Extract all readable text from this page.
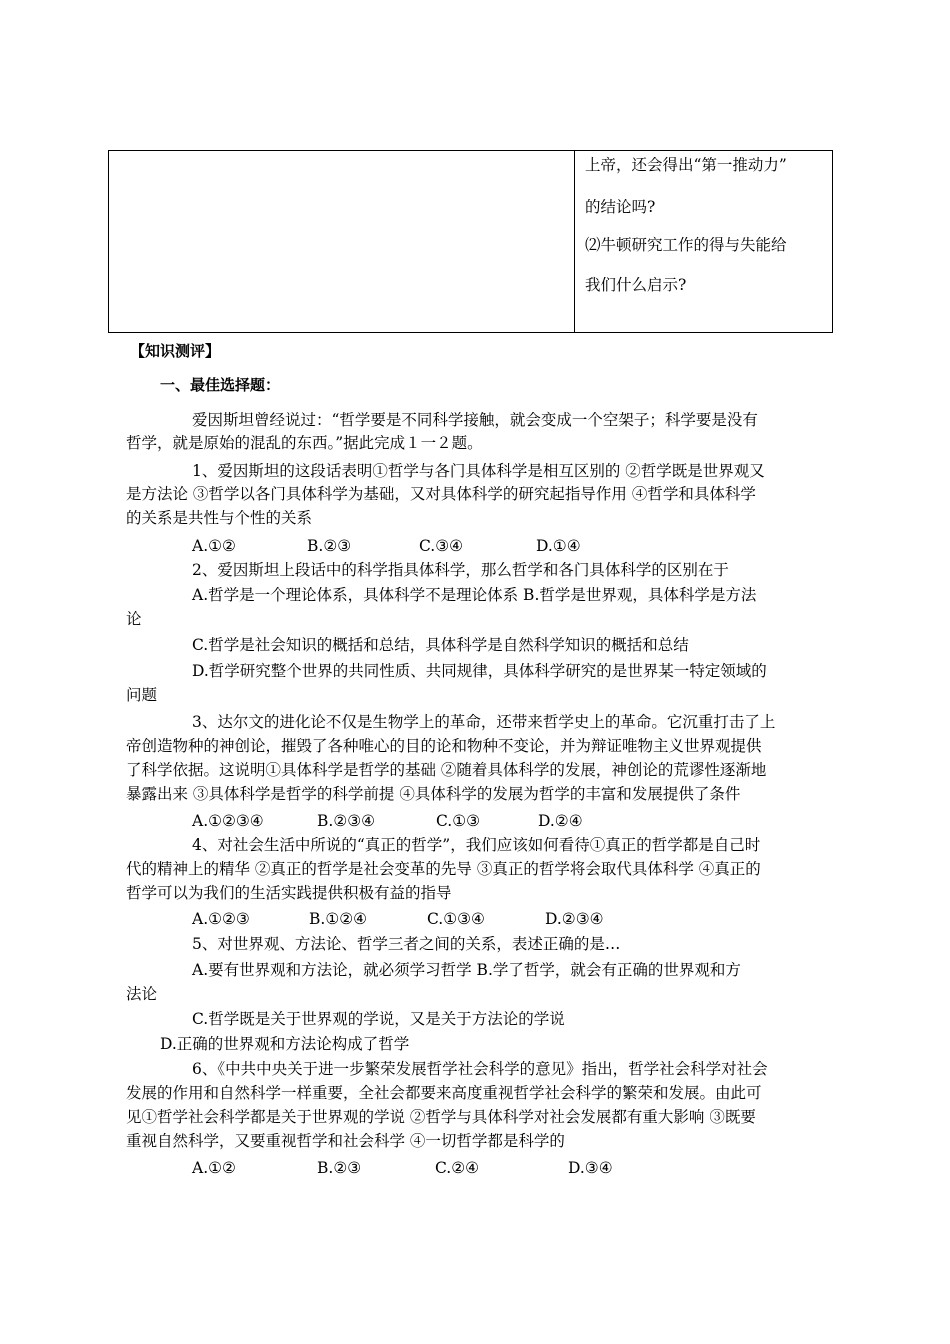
上帝，还会得出“第一推动力”

的结论吗?

⑵牛顿研究工作的得与失能给

我们什么启示?

【知识测评】
一、最佳选择题：
爱因斯坦曾经说过：“哲学要是不同科学接触，就会变成一个空架子；科学要是没有
哲学，就是原始的混乱的东西。”据此完成１一２题。
1、爱因斯坦的这段话表明①哲学与各门具体科学是相互区别的 ②哲学既是世界观又
是方法论 ③哲学以各门具体科学为基础，又对具体科学的研究起指导作用 ④哲学和具体科学
的关系是共性与个性的关系
A.①②	B.②③	C.③④	D.①④
2、爱因斯坦上段话中的科学指具体科学，那么哲学和各门具体科学的区别在于
A.哲学是一个理论体系，具体科学不是理论体系 B.哲学是世界观，具体科学是方法
论
C.哲学是社会知识的概括和总结，具体科学是自然科学知识的概括和总结
D.哲学研究整个世界的共同性质、共同规律，具体科学研究的是世界某一特定领域的
问题
3、达尔文的进化论不仅是生物学上的革命，还带来哲学史上的革命。它沉重打击了上
帝创造物种的神创论，摧毁了各种唯心的目的论和物种不变论，并为辩证唯物主义世界观提供
了科学依据。这说明①具体科学是哲学的基础 ②随着具体科学的发展，神创论的荒谬性逐渐地
暴露出来 ③具体科学是哲学的科学前提 ④具体科学的发展为哲学的丰富和发展提供了条件
A.①②③④	B.②③④	C.①③	D.②④
4、对社会生活中所说的“真正的哲学”，我们应该如何看待①真正的哲学都是自己时
代的精神上的精华 ②真正的哲学是社会变革的先导 ③真正的哲学将会取代具体科学 ④真正的
哲学可以为我们的生活实践提供积极有益的指导
A.①②③	B.①②④	C.①③④	D.②③④
5、对世界观、方法论、哲学三者之间的关系，表述正确的是…
A.要有世界观和方法论，就必须学习哲学 B.学了哲学，就会有正确的世界观和方
法论
C.哲学既是关于世界观的学说，又是关于方法论的学说
D.正确的世界观和方法论构成了哲学
6、《中共中央关于进一步繁荣发展哲学社会科学的意见》指出，哲学社会科学对社会
发展的作用和自然科学一样重要，全社会都要来高度重视哲学社会科学的繁荣和发展。由此可
见①哲学社会科学都是关于世界观的学说 ②哲学与具体科学对社会发展都有重大影响 ③既要
重视自然科学，又要重视哲学和社会科学 ④一切哲学都是科学的
A.①②	B.②③	C.②④	D.③④
